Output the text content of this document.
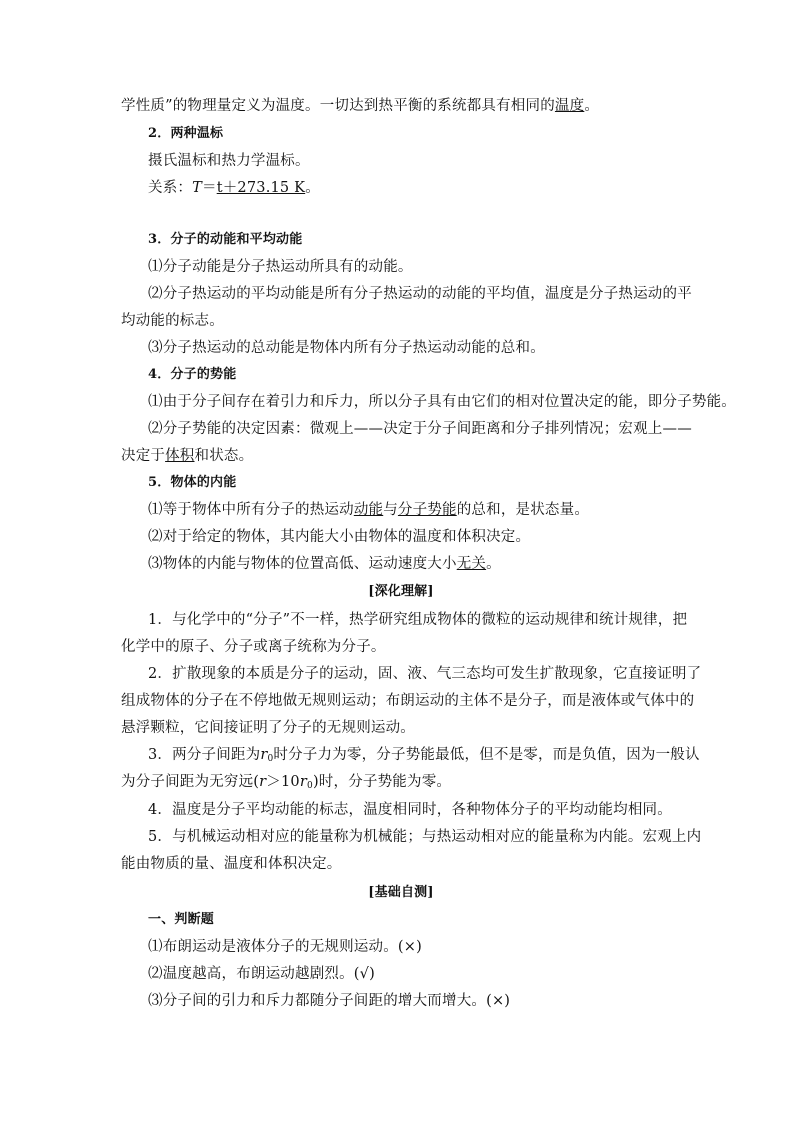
学性质”的物理量定义为温度。一切达到热平衡的系统都具有相同的温度。
2．两种温标
摄氏温标和热力学温标。
关系：T＝t＋273.15 K。
3．分子的动能和平均动能
⑴分子动能是分子热运动所具有的动能。
⑵分子热运动的平均动能是所有分子热运动的动能的平均值，温度是分子热运动的平
均动能的标志。
⑶分子热运动的总动能是物体内所有分子热运动动能的总和。
4．分子的势能
⑴由于分子间存在着引力和斥力，所以分子具有由它们的相对位置决定的能，即分子势能。
⑵分子势能的决定因素：微观上——决定于分子间距离和分子排列情况；宏观上——
决定于体积和状态。
5．物体的内能
⑴等于物体中所有分子的热运动动能与分子势能的总和，是状态量。
⑵对于给定的物体，其内能大小由物体的温度和体积决定。
⑶物体的内能与物体的位置高低、运动速度大小无关。
[深化理解]
1．与化学中的“分子”不一样，热学研究组成物体的微粒的运动规律和统计规律，把
化学中的原子、分子或离子统称为分子。
2．扩散现象的本质是分子的运动，固、液、气三态均可发生扩散现象，它直接证明了
组成物体的分子在不停地做无规则运动；布朗运动的主体不是分子，而是液体或气体中的
悬浮颗粒，它间接证明了分子的无规则运动。
3．两分子间距为$r_0$时分子力为零，分子势能最低，但不是零，而是负值，因为一般认
为分子间距为无穷远$(r>10r_0)$时，分子势能为零。
4．温度是分子平均动能的标志，温度相同时，各种物体分子的平均动能均相同。
5．与机械运动相对应的能量称为机械能；与热运动相对应的能量称为内能。宏观上内
能由物质的量、温度和体积决定。
[基础自测]
一、判断题
⑴布朗运动是液体分子的无规则运动。(×)
⑵温度越高，布朗运动越剧烈。(√)
⑶分子间的引力和斥力都随分子间距的增大而增大。(×)
